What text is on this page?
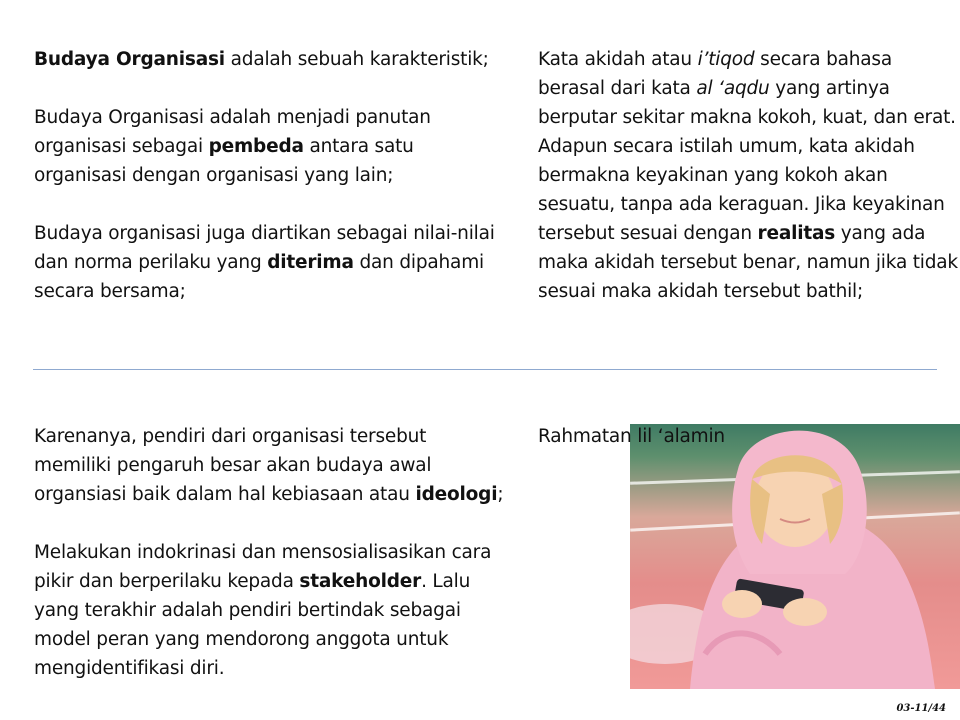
Budaya Organisasi adalah sebuah karakteristik;

Budaya Organisasi adalah menjadi panutan organisasi sebagai pembeda antara satu organisasi dengan organisasi yang lain;

Budaya organisasi juga diartikan sebagai nilai-nilai dan norma perilaku yang diterima dan dipahami secara bersama;

Kata akidah atau i’tiqod secara bahasa berasal dari kata al ‘aqdu yang artinya berputar sekitar makna kokoh, kuat, dan erat. Adapun secara istilah umum, kata akidah bermakna keyakinan yang kokoh akan sesuatu, tanpa ada keraguan. Jika keyakinan tersebut sesuai dengan realitas yang ada maka akidah tersebut benar, namun jika tidak sesuai maka akidah tersebut bathil;

Karenanya, pendiri dari organisasi tersebut memiliki pengaruh besar akan budaya awal organsiasi baik dalam hal kebiasaan atau ideologi;

Melakukan indokrinasi dan mensosialisasikan cara pikir dan berperilaku kepada stakeholder. Lalu yang terakhir adalah pendiri bertindak sebagai model peran yang mendorong anggota untuk mengidentifikasi diri.

Rahmatan lil ‘alamin

03-11/44
